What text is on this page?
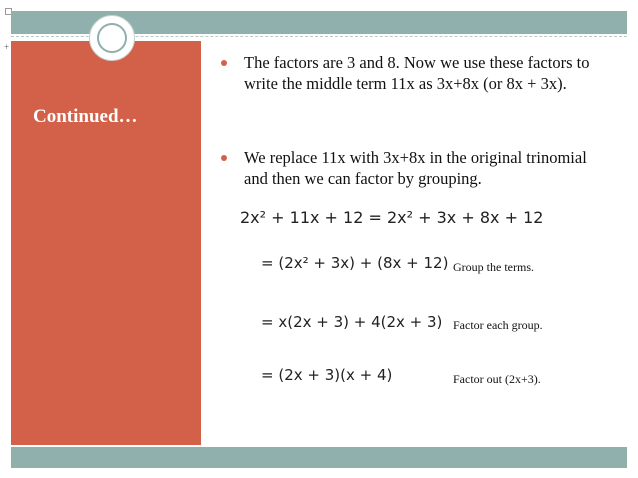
+
Continued…
The factors are 3 and 8. Now we use these factors to write the middle term 11x as 3x+8x (or 8x + 3x).
We replace 11x with 3x+8x in the original trinomial and then we can factor by grouping.
2x² + 11x + 12 = 2x² + 3x + 8x + 12
= (2x² + 3x) + (8x + 12) Group the terms.
= x(2x + 3) + 4(2x + 3) Factor each group.
= (2x + 3)(x + 4)	Factor out (2x+3).
